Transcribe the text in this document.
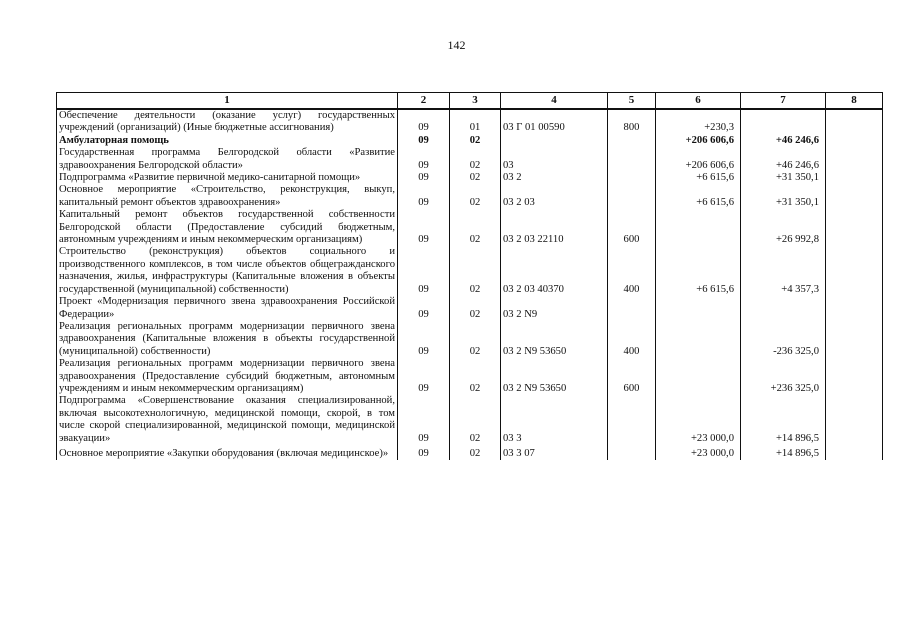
142
1	2	3	4	5	6	7	8
Обеспечение деятельности (оказание услуг) государственных учреждений (организаций) (Иные бюджетные ассигнования)	09	01	03 Г 01 00590	800	+230,3		
Амбулаторная помощь	09	02			+206 606,6	+46 246,6	
Государственная программа Белгородской области «Развитие здравоохранения Белгородской области»	09	02	03		+206 606,6	+46 246,6	
Подпрограмма «Развитие первичной медико-санитарной помощи»	09	02	03 2		+6 615,6	+31 350,1	
Основное мероприятие «Строительство, реконструкция, выкуп, капитальный ремонт объектов здравоохранения»	09	02	03 2 03		+6 615,6	+31 350,1	
Капитальный ремонт объектов государственной собственности Белгородской области (Предоставление субсидий бюджетным, автономным учреждениям и иным некоммерческим организациям)	09	02	03 2 03 22110	600		+26 992,8	
Строительство (реконструкция) объектов социального и производственного комплексов, в том числе объектов общегражданского назначения, жилья, инфраструктуры (Капитальные вложения в объекты государственной (муниципальной) собственности)	09	02	03 2 03 40370	400	+6 615,6	+4 357,3	
Проект «Модернизация первичного звена здравоохранения Российской Федерации»	09	02	03 2 N9				
Реализация региональных программ модернизации первичного звена здравоохранения (Капитальные вложения в объекты государственной (муниципальной) собственности)	09	02	03 2 N9 53650	400		-236 325,0	
Реализация региональных программ модернизации первичного звена здравоохранения (Предоставление субсидий бюджетным, автономным учреждениям и иным некоммерческим организациям)	09	02	03 2 N9 53650	600		+236 325,0	
Подпрограмма «Совершенствование оказания специализированной, включая высокотехнологичную, медицинской помощи, скорой, в том числе скорой специализированной, медицинской помощи, медицинской эвакуации»	09	02	03 3		+23 000,0	+14 896,5	
Основное мероприятие «Закупки оборудования (включая медицинское)»	09	02	03 3 07		+23 000,0	+14 896,5	
